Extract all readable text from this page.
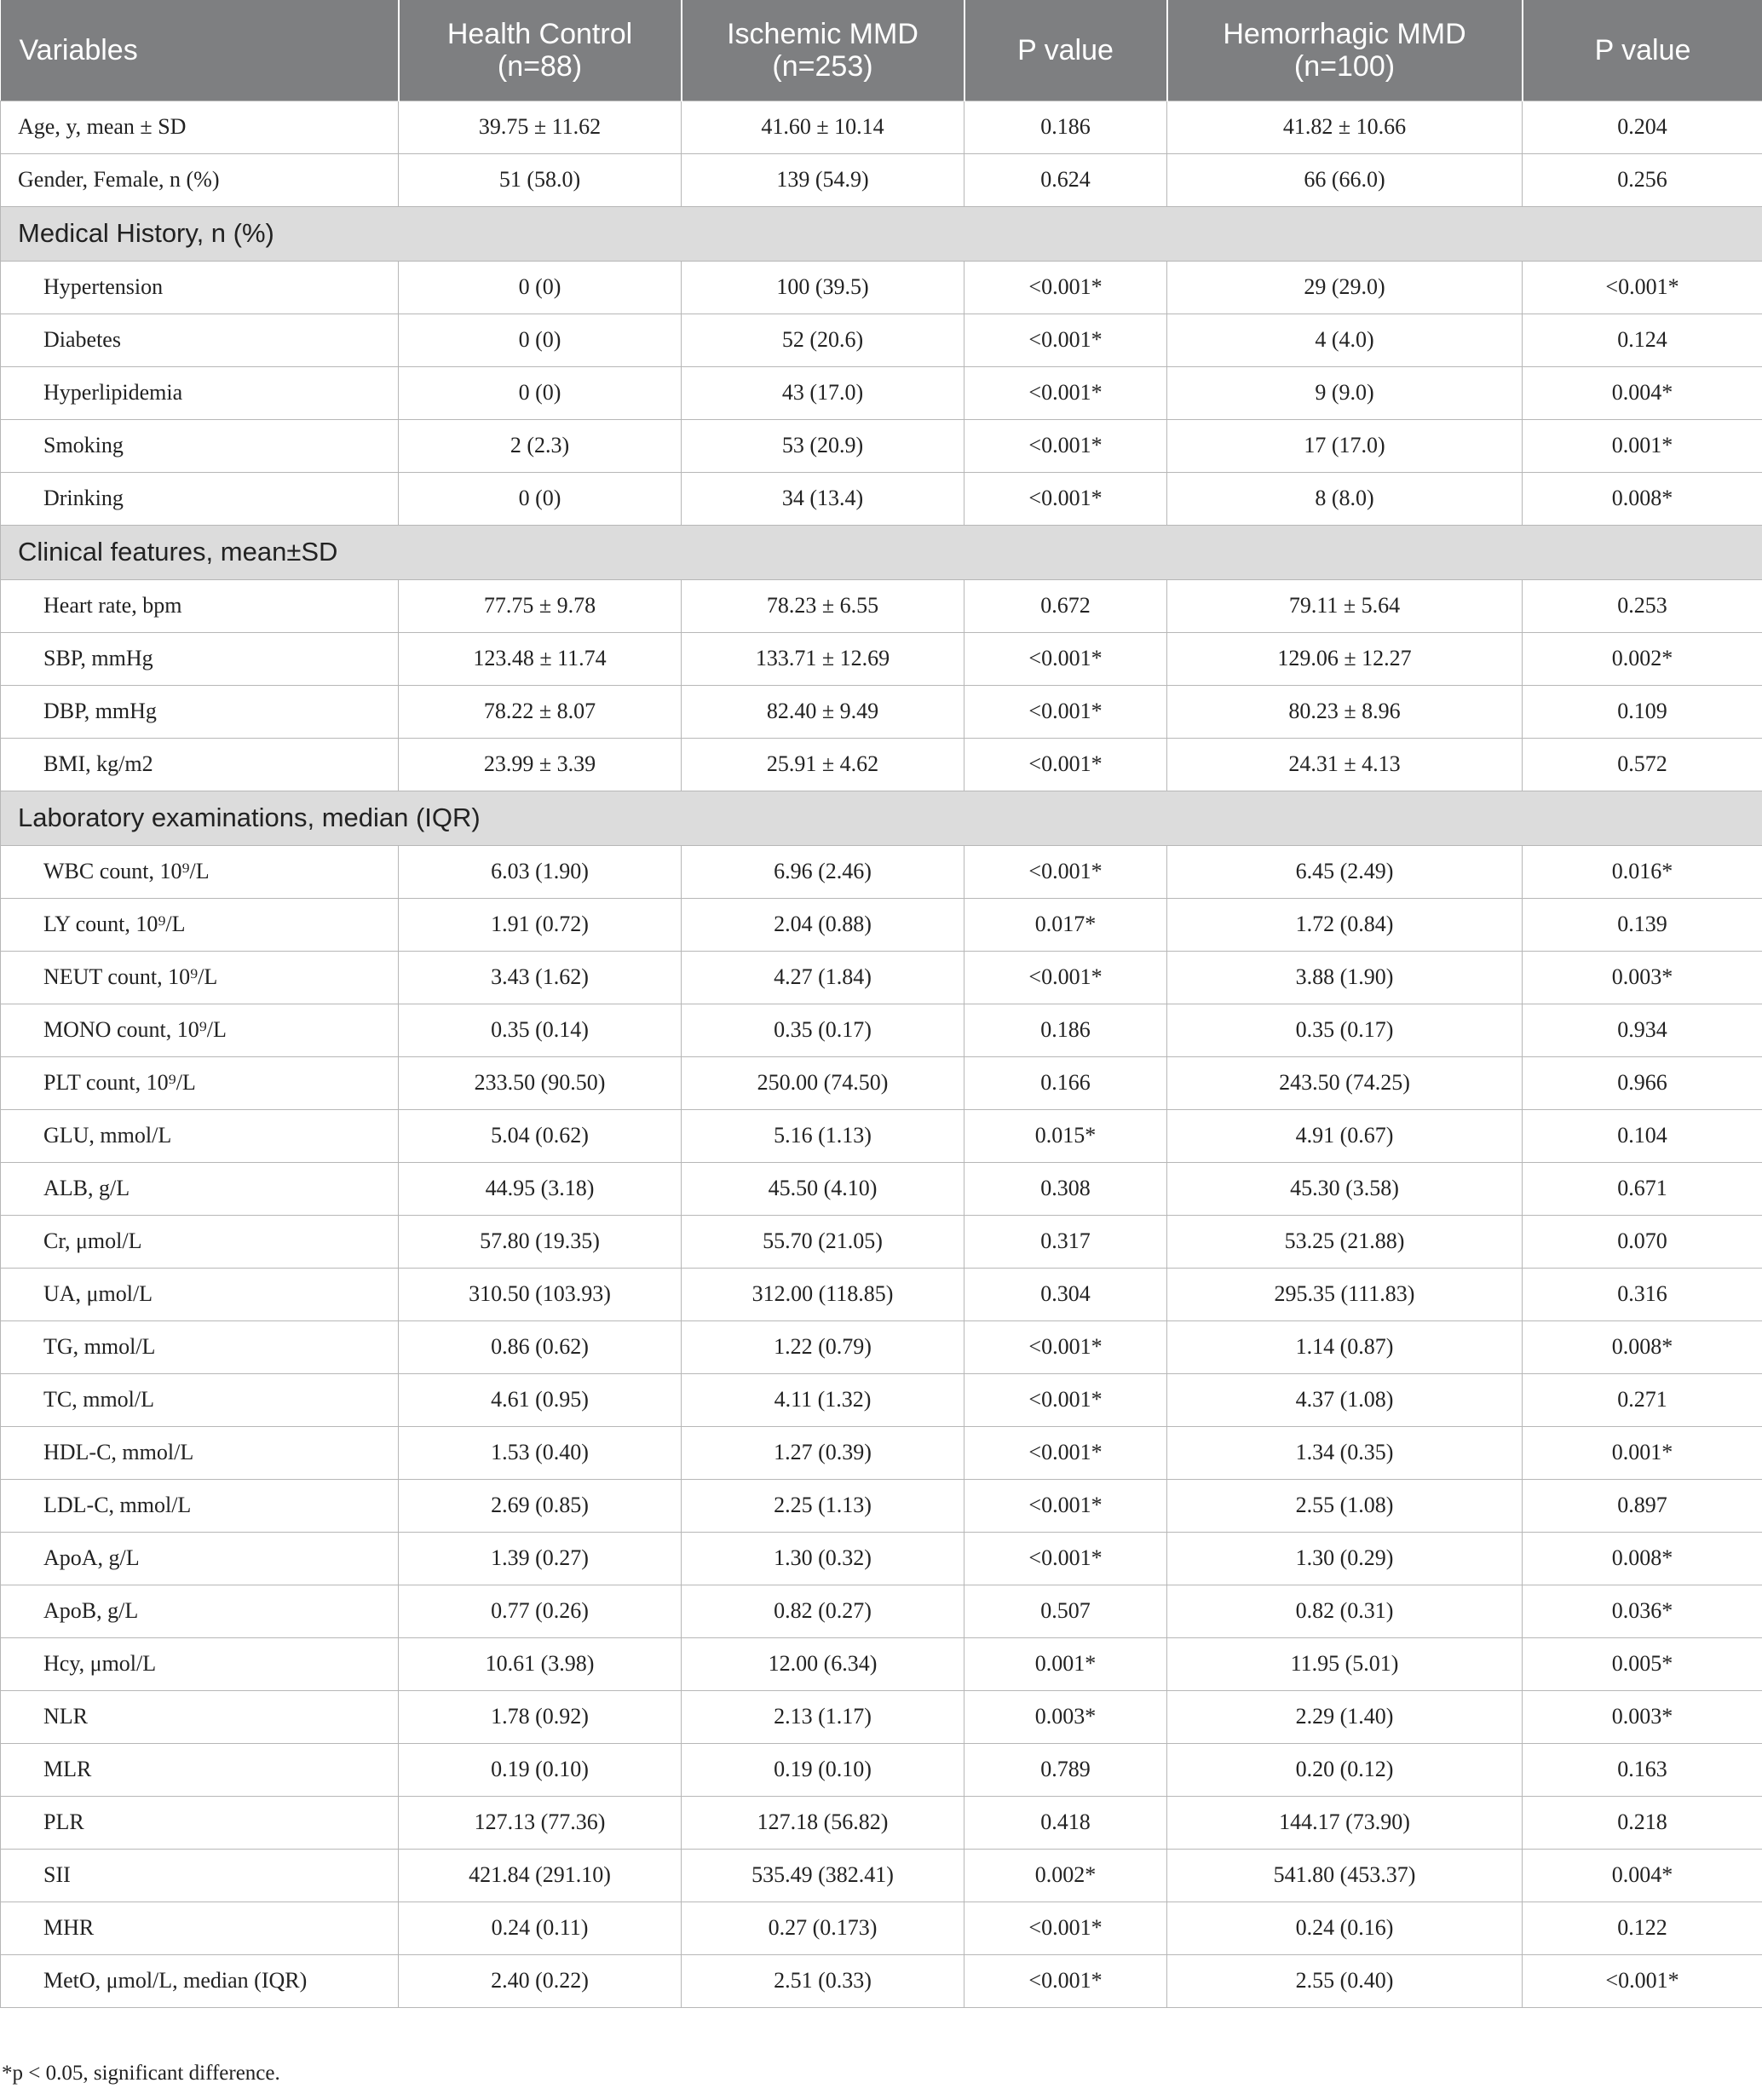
Variables	Health Control (n=88)	Ischemic MMD (n=253)	P value	Hemorrhagic MMD (n=100)	P value
Age, y, mean ± SD	39.75 ± 11.62	41.60 ± 10.14	0.186	41.82 ± 10.66	0.204
Gender, Female, n (%)	51 (58.0)	139 (54.9)	0.624	66 (66.0)	0.256
Medical History, n (%)					
Hypertension	0 (0)	100 (39.5)	<0.001*	29 (29.0)	<0.001*
Diabetes	0 (0)	52 (20.6)	<0.001*	4 (4.0)	0.124
Hyperlipidemia	0 (0)	43 (17.0)	<0.001*	9 (9.0)	0.004*
Smoking	2 (2.3)	53 (20.9)	<0.001*	17 (17.0)	0.001*
Drinking	0 (0)	34 (13.4)	<0.001*	8 (8.0)	0.008*
Clinical features, mean±SD					
Heart rate, bpm	77.75 ± 9.78	78.23 ± 6.55	0.672	79.11 ± 5.64	0.253
SBP, mmHg	123.48 ± 11.74	133.71 ± 12.69	<0.001*	129.06 ± 12.27	0.002*
DBP, mmHg	78.22 ± 8.07	82.40 ± 9.49	<0.001*	80.23 ± 8.96	0.109
BMI, kg/m2	23.99 ± 3.39	25.91 ± 4.62	<0.001*	24.31 ± 4.13	0.572
Laboratory examinations, median (IQR)					
WBC count, 10⁹/L	6.03 (1.90)	6.96 (2.46)	<0.001*	6.45 (2.49)	0.016*
LY count, 10⁹/L	1.91 (0.72)	2.04 (0.88)	0.017*	1.72 (0.84)	0.139
NEUT count, 10⁹/L	3.43 (1.62)	4.27 (1.84)	<0.001*	3.88 (1.90)	0.003*
MONO count, 10⁹/L	0.35 (0.14)	0.35 (0.17)	0.186	0.35 (0.17)	0.934
PLT count, 10⁹/L	233.50 (90.50)	250.00 (74.50)	0.166	243.50 (74.25)	0.966
GLU, mmol/L	5.04 (0.62)	5.16 (1.13)	0.015*	4.91 (0.67)	0.104
ALB, g/L	44.95 (3.18)	45.50 (4.10)	0.308	45.30 (3.58)	0.671
Cr, μmol/L	57.80 (19.35)	55.70 (21.05)	0.317	53.25 (21.88)	0.070
UA, μmol/L	310.50 (103.93)	312.00 (118.85)	0.304	295.35 (111.83)	0.316
TG, mmol/L	0.86 (0.62)	1.22 (0.79)	<0.001*	1.14 (0.87)	0.008*
TC, mmol/L	4.61 (0.95)	4.11 (1.32)	<0.001*	4.37 (1.08)	0.271
HDL-C, mmol/L	1.53 (0.40)	1.27 (0.39)	<0.001*	1.34 (0.35)	0.001*
LDL-C, mmol/L	2.69 (0.85)	2.25 (1.13)	<0.001*	2.55 (1.08)	0.897
ApoA, g/L	1.39 (0.27)	1.30 (0.32)	<0.001*	1.30 (0.29)	0.008*
ApoB, g/L	0.77 (0.26)	0.82 (0.27)	0.507	0.82 (0.31)	0.036*
Hcy, μmol/L	10.61 (3.98)	12.00 (6.34)	0.001*	11.95 (5.01)	0.005*
NLR	1.78 (0.92)	2.13 (1.17)	0.003*	2.29 (1.40)	0.003*
MLR	0.19 (0.10)	0.19 (0.10)	0.789	0.20 (0.12)	0.163
PLR	127.13 (77.36)	127.18 (56.82)	0.418	144.17 (73.90)	0.218
SII	421.84 (291.10)	535.49 (382.41)	0.002*	541.80 (453.37)	0.004*
MHR	0.24 (0.11)	0.27 (0.173)	<0.001*	0.24 (0.16)	0.122
MetO, μmol/L, median (IQR)	2.40 (0.22)	2.51 (0.33)	<0.001*	2.55 (0.40)	<0.001*
*p < 0.05, significant difference.
